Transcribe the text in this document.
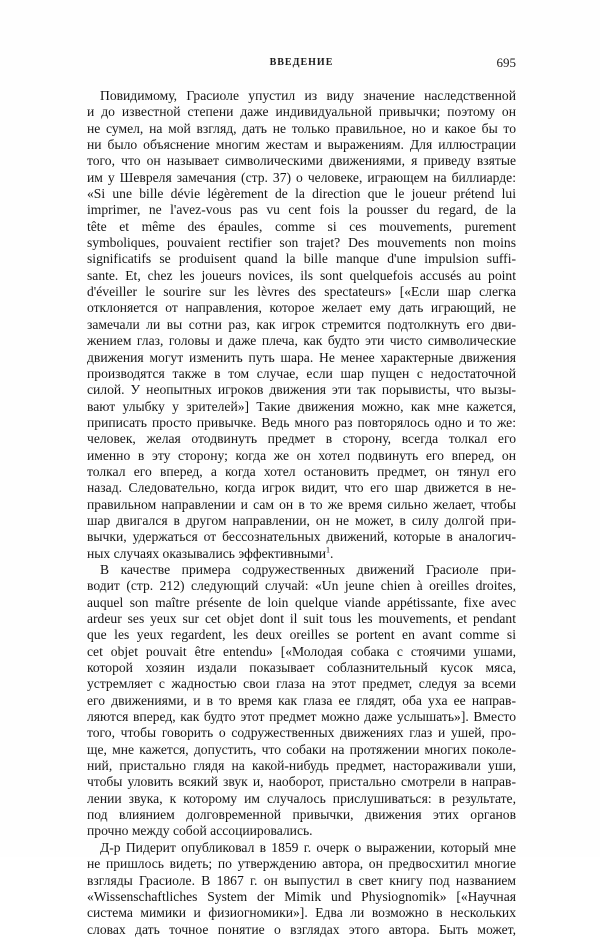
ВВЕДЕНИЕ	695
Повидимому, Грасиоле упустил из виду значение наследственной
и до известной степени даже индивидуальной привычки; поэтому он
не сумел, на мой взгляд, дать не только правильное, но и какое бы то
ни было объяснение многим жестам и выражениям. Для иллюстрации
того, что он называет символическими движениями, я приведу взятые
им у Шевреля замечания (стр. 37) о человеке, играющем на биллиарде:
«Si une bille dévie légèrement de la direction que le joueur prétend lui
imprimer, ne l'avez-vous pas vu cent fois la pousser du regard, de la
tête et même des épaules, comme si ces mouvements, purement
symboliques, pouvaient rectifier son trajet? Des mouvements non moins
significatifs se produisent quand la bille manque d'une impulsion suffi-
sante. Et, chez les joueurs novices, ils sont quelquefois accusés au point
d'éveiller le sourire sur les lèvres des spectateurs» [«Если шар слегка
отклоняется от направления, которое желает ему дать играющий, не
замечали ли вы сотни раз, как игрок стремится подтолкнуть его дви-
жением глаз, головы и даже плеча, как будто эти чисто символические
движения могут изменить путь шара. Не менее характерные движения
производятся также в том случае, если шар пущен с недостаточной
силой. У неопытных игроков движения эти так порывисты, что вызы-
вают улыбку у зрителей»] Такие движения можно, как мне кажется,
приписать просто привычке. Ведь много раз повторялось одно и то же:
человек, желая отодвинуть предмет в сторону, всегда толкал его
именно в эту сторону; когда же он хотел подвинуть его вперед, он
толкал его вперед, а когда хотел остановить предмет, он тянул его
назад. Следовательно, когда игрок видит, что его шар движется в не-
правильном направлении и сам он в то же время сильно желает, чтобы
шар двигался в другом направлении, он не может, в силу долгой при-
вычки, удержаться от бессознательных движений, которые в аналогич-
ных случаях оказывались эффективными$^1$.
В качестве примера содружественных движений Грасиоле при-
водит (стр. 212) следующий случай: «Un jeune chien à oreilles droites,
auquel son maître présente de loin quelque viande appétissante, fixe avec
ardeur ses yeux sur cet objet dont il suit tous les mouvements, et pendant
que les yeux regardent, les deux oreilles se portent en avant comme si
cet objet pouvait être entendu» [«Молодая собака с стоячими ушами,
которой хозяин издали показывает соблазнительный кусок мяса,
устремляет с жадностью свои глаза на этот предмет, следуя за всеми
его движениями, и в то время как глаза ее глядят, оба уха ее направ-
ляются вперед, как будто этот предмет можно даже услышать»]. Вместо
того, чтобы говорить о содружественных движениях глаз и ушей, про-
ще, мне кажется, допустить, что собаки на протяжении многих поколе-
ний, пристально глядя на какой-нибудь предмет, настораживали уши,
чтобы уловить всякий звук и, наоборот, пристально смотрели в направ-
лении звука, к которому им случалось прислушиваться: в результате,
под влиянием долговременной привычки, движения этих органов
прочно между собой ассоциировались.
Д-р Пидерит опубликовал в 1859 г. очерк о выражении, который мне
не пришлось видеть; по утверждению автора, он предвосхитил многие
взгляды Грасиоле. В 1867 г. он выпустил в свет книгу под названием
«Wissenschaftliches System der Mimik und Physiognomik» [«Научная
система мимики и физиогномики»]. Едва ли возможно в нескольких
словах дать точное понятие о взглядах этого автора. Быть может,
